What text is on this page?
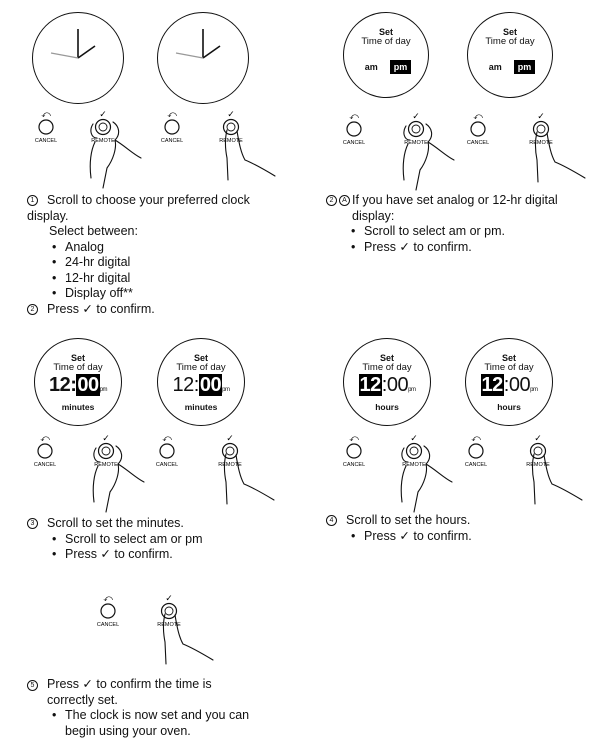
Set
Time of day
am pm
Set
Time of day
am pm
Set
Time of day
12:00pm
minutes
Set
Time of day
12:00pm
minutes
Set
Time of day
12:00pm
hours
Set
Time of day
12:00pm
hours
⤺
CANCEL
✓
REMOTE
⤺
CANCEL
✓
REMOTE
⤺
CANCEL
✓
REMOTE
⤺
CANCEL
✓
REMOTE
⤺
CANCEL
✓
REMOTE
⤺
CANCEL
✓
REMOTE
⤺
CANCEL
✓
REMOTE
⤺
CANCEL
✓
REMOTE
⤺
CANCEL
✓
REMOTE
1 Scroll to choose your preferred clock display.
Select between:
• Analog
• 24-hr digital
• 12-hr digital
• Display off**
2 Press ✓ to confirm.
2 A If you have set analog or 12-hr digital display:
• Scroll to select am or pm.
• Press ✓ to confirm.
3 Scroll to set the minutes.
• Scroll to select am or pm
• Press ✓ to confirm.
4 Scroll to set the hours.
• Press ✓ to confirm.
5 Press ✓ to confirm the time is correctly set.
• The clock is now set and you can begin using your oven.
